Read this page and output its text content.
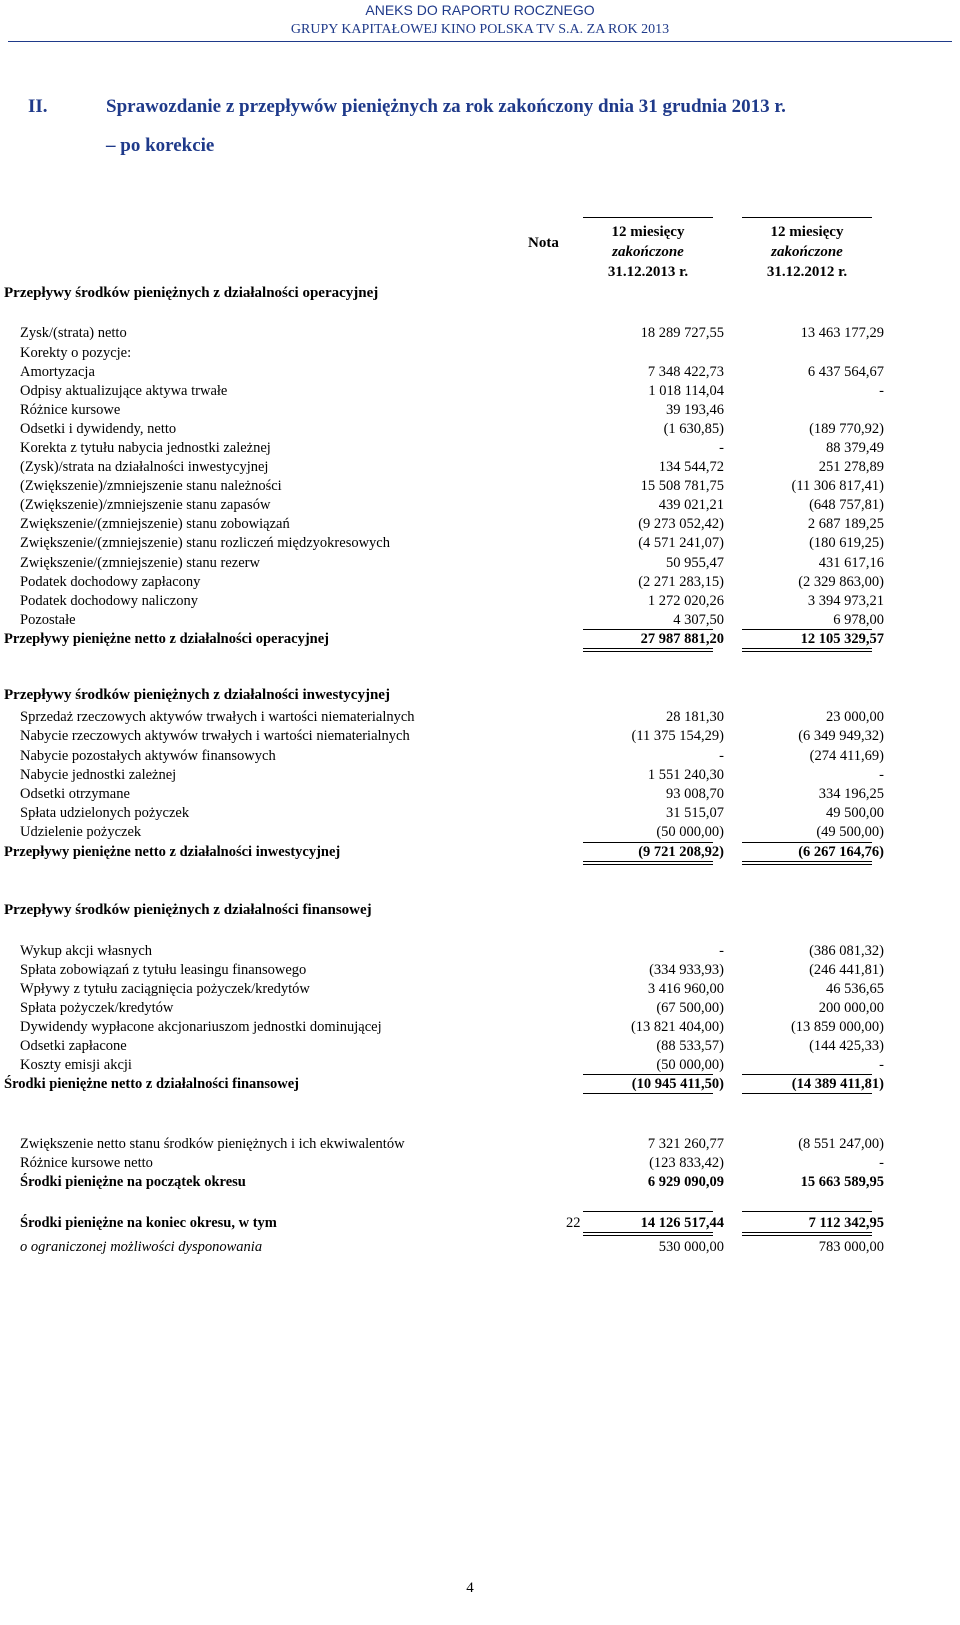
ANEKS DO RAPORTU ROCZNEGO
GRUPY KAPITAŁOWEJ KINO POLSKA TV S.A. ZA ROK 2013
II.	Sprawozdanie z przepływów pieniężnych za rok zakończony dnia 31 grudnia 2013 r.
– po korekcie
Nota
12 miesięcy
zakończone
31.12.2013 r.
12 miesięcy
zakończone
31.12.2012 r.
Przepływy środków pieniężnych z działalności operacyjnej
Przepływy środków pieniężnych z działalności inwestycyjnej
Przepływy środków pieniężnych z działalności finansowej
Zysk/(strata) netto	18 289 727,55	13 463 177,29
Korekty o pozycje:
Amortyzacja	7 348 422,73	6 437 564,67
Odpisy aktualizujące aktywa trwałe	1 018 114,04	-
Różnice kursowe	39 193,46
Odsetki i dywidendy, netto	(1 630,85)	(189 770,92)
Korekta z tytułu nabycia jednostki zależnej	-	88 379,49
(Zysk)/strata na działalności inwestycyjnej	134 544,72	251 278,89
(Zwiększenie)/zmniejszenie stanu należności	15 508 781,75	(11 306 817,41)
(Zwiększenie)/zmniejszenie stanu zapasów	439 021,21	(648 757,81)
Zwiększenie/(zmniejszenie) stanu zobowiązań	(9 273 052,42)	2 687 189,25
Zwiększenie/(zmniejszenie) stanu rozliczeń międzyokresowych	(4 571 241,07)	(180 619,25)
Zwiększenie/(zmniejszenie) stanu rezerw	50 955,47	431 617,16
Podatek dochodowy zapłacony	(2 271 283,15)	(2 329 863,00)
Podatek dochodowy naliczony	1 272 020,26	3 394 973,21
Pozostałe	4 307,50	6 978,00
Przepływy pieniężne netto z działalności operacyjnej	27 987 881,20	12 105 329,57
Sprzedaż rzeczowych aktywów trwałych i wartości niematerialnych	28 181,30	23 000,00
Nabycie rzeczowych aktywów trwałych i wartości niematerialnych	(11 375 154,29)	(6 349 949,32)
Nabycie pozostałych aktywów finansowych	-	(274 411,69)
Nabycie jednostki zależnej	1 551 240,30	-
Odsetki otrzymane	93 008,70	334 196,25
Spłata udzielonych pożyczek	31 515,07	49 500,00
Udzielenie pożyczek	(50 000,00)	(49 500,00)
Przepływy pieniężne netto z działalności inwestycyjnej	(9 721 208,92)	(6 267 164,76)
Wykup akcji własnych	-	(386 081,32)
Spłata zobowiązań z tytułu leasingu finansowego	(334 933,93)	(246 441,81)
Wpływy z tytułu zaciągnięcia pożyczek/kredytów	3 416 960,00	46 536,65
Spłata pożyczek/kredytów	(67 500,00)	200 000,00
Dywidendy wypłacone akcjonariuszom jednostki dominującej	(13 821 404,00)	(13 859 000,00)
Odsetki zapłacone	(88 533,57)	(144 425,33)
Koszty emisji akcji	(50 000,00)	-
Środki pieniężne netto z działalności finansowej	(10 945 411,50)	(14 389 411,81)
Zwiększenie netto stanu środków pieniężnych i ich ekwiwalentów	7 321 260,77	(8 551 247,00)
Różnice kursowe netto	(123 833,42)	-
Środki pieniężne na początek okresu	6 929 090,09	15 663 589,95
Środki pieniężne na koniec okresu, w tym	22	14 126 517,44	7 112 342,95
o ograniczonej możliwości dysponowania	530 000,00	783 000,00
4
